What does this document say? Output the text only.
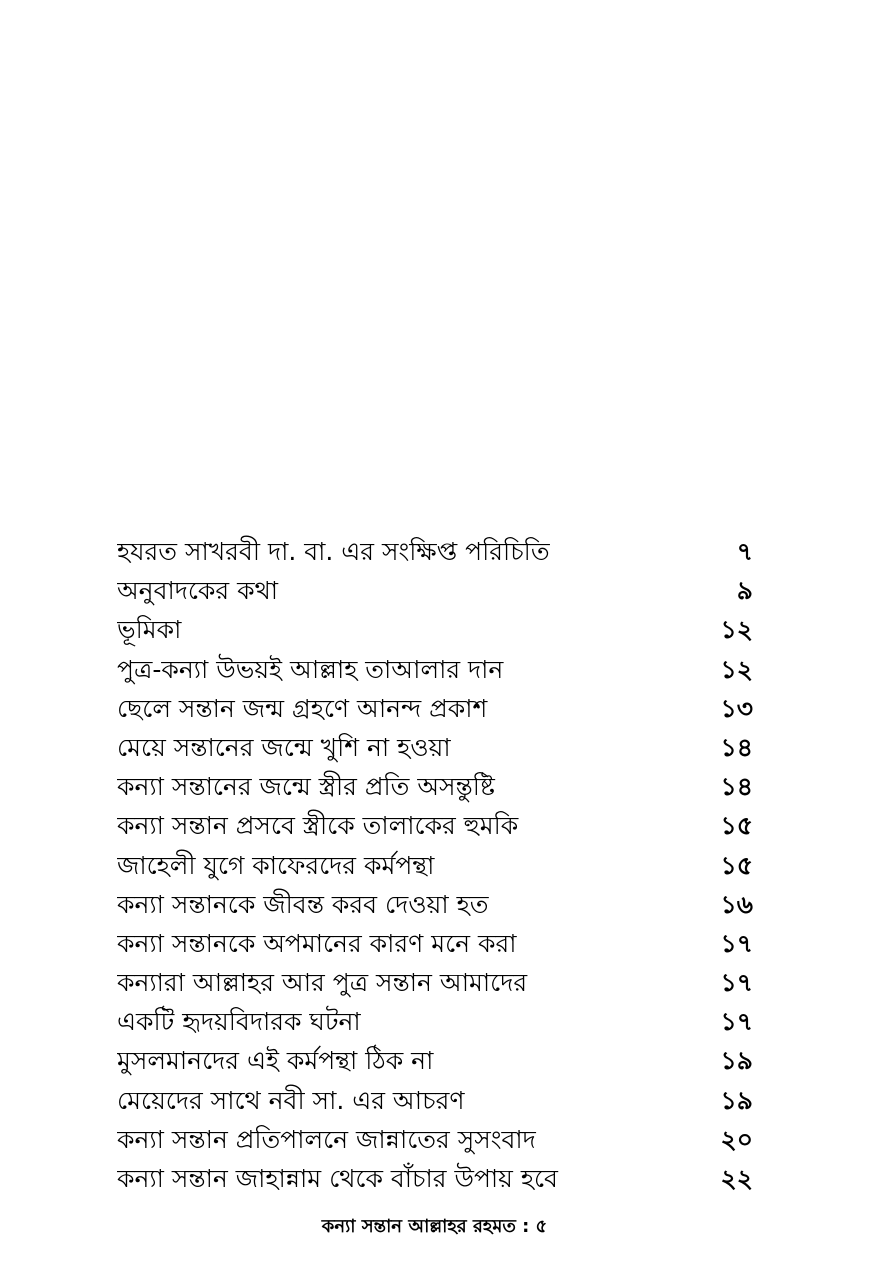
হযরত সাখরবী দা. বা. এর সংক্ষিপ্ত পরিচিতি	৭
অনুবাদকের কথা	৯
ভূমিকা	১২
পুত্র-কন্যা উভয়ই আল্লাহ তাআলার দান	১২
ছেলে সন্তান জন্ম গ্রহণে আনন্দ প্রকাশ	১৩
মেয়ে সন্তানের জন্মে খুশি না হওয়া	১৪
কন্যা সন্তানের জন্মে স্ত্রীর প্রতি অসন্তুষ্টি	১৪
কন্যা সন্তান প্রসবে স্ত্রীকে তালাকের হুমকি	১৫
জাহেলী যুগে কাফেরদের কর্মপন্থা	১৫
কন্যা সন্তানকে জীবন্ত করব দেওয়া হত	১৬
কন্যা সন্তানকে অপমানের কারণ মনে করা	১৭
কন্যারা আল্লাহর আর পুত্র সন্তান আমাদের	১৭
একটি হৃদয়বিদারক ঘটনা	১৭
মুসলমানদের এই কর্মপন্থা ঠিক না	১৯
মেয়েদের সাথে নবী সা. এর আচরণ	১৯
কন্যা সন্তান প্রতিপালনে জান্নাতের সুসংবাদ	২০
কন্যা সন্তান জাহান্নাম থেকে বাঁচার উপায় হবে	২২
কন্যা সন্তান আল্লাহর রহমত : ৫
